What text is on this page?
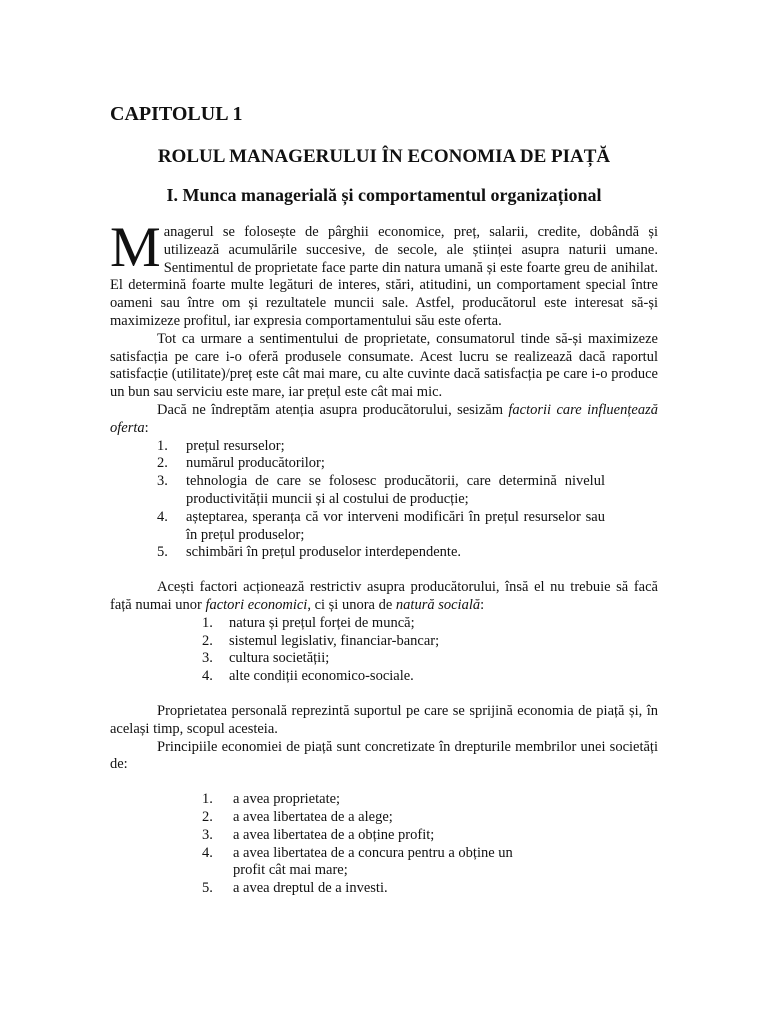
CAPITOLUL 1
ROLUL MANAGERULUI ÎN ECONOMIA DE PIAȚĂ
I. Munca managerială și comportamentul organizațional

Managerul se folosește de pârghii economice, preț, salarii, credite, dobândă și utilizează acumulările succesive, de secole, ale științei asupra naturii umane. Sentimentul de proprietate face parte din natura umană și este foarte greu de anihilat. El determină foarte multe legături de interes, stări, atitudini, un comportament special între oameni sau între om și rezultatele muncii sale. Astfel, producătorul este interesat să-și maximizeze profitul, iar expresia comportamentului său este oferta.

Tot ca urmare a sentimentului de proprietate, consumatorul tinde să-și maximizeze satisfacția pe care i-o oferă produsele consumate. Acest lucru se realizează dacă raportul satisfacție (utilitate)/preț este cât mai mare, cu alte cuvinte dacă satisfacția pe care i-o produce un bun sau serviciu este mare, iar prețul este cât mai mic.

Dacă ne îndreptăm atenția asupra producătorului, sesizăm factorii care influențează oferta:

1.	prețul resurselor;
2.	numărul producătorilor;
3.	tehnologia de care se folosesc producătorii, care determină nivelul productivității muncii și al costului de producție;
4.	așteptarea, speranța că vor interveni modificări în prețul resurselor sau în prețul produselor;
5.	schimbări în prețul produselor interdependente.

Acești factori acționează restrictiv asupra producătorului, însă el nu trebuie să facă față numai unor factori economici, ci și unora de natură socială:

1.	natura și prețul forței de muncă;
2.	sistemul legislativ, financiar-bancar;
3.	cultura societății;
4.	alte condiții economico-sociale.

Proprietatea personală reprezintă suportul pe care se sprijină economia de piață și, în același timp, scopul acesteia.

Principiile economiei de piață sunt concretizate în drepturile membrilor unei societăți de:

1.	a avea proprietate;
2.	a avea libertatea de a alege;
3.	a avea libertatea de a obține profit;
4.	a avea libertatea de a concura pentru a obține un profit cât mai mare;
5.	a avea dreptul de a investi.
